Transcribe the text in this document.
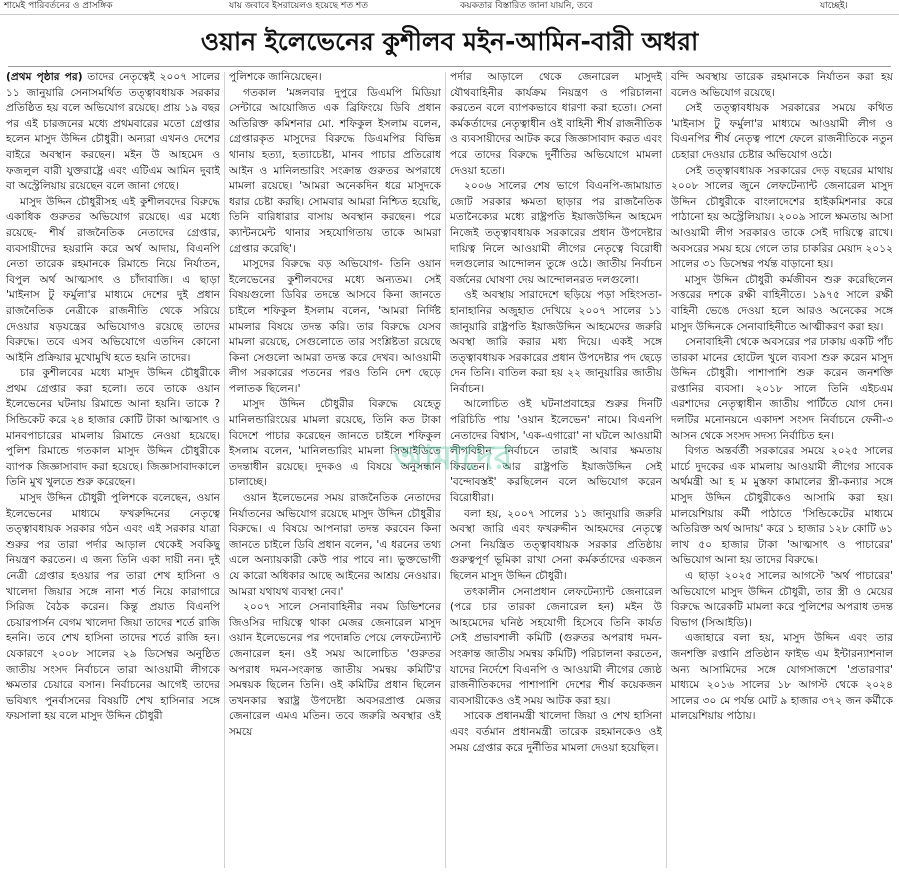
শামেই পারিবর্তনের ও প্রাসঙ্গিক	যায় জবাবে ইসরায়েলও হয়েছে শত শত	কয়কতার বিস্তারিত জানা যায়নি, তবে	যাচ্ছেই।
ওয়ান ইলেভেনের কুশীলব মইন-আমিন-বারী অধরা

(প্রথম পৃষ্ঠার পর) তাদের নেতৃত্বেই ২০০৭ সালের ১১ জানুয়ারি সেনাসমর্থিত তত্ত্বাবধায়ক সরকার প্রতিষ্ঠিত হয় বলে অভিযোগ রয়েছে। প্রায় ১৯ বছর পর এই চারজনের মধ্যে প্রথমবারের মতো গ্রেপ্তার হলেন মাসুদ উদ্দিন চৌধুরী। অন্যরা এখনও দেশের বাইরে অবস্থান করছেন। মইন উ আহমেদ ও ফজলুল বারী যুক্তরাষ্ট্রে এবং এটিএম আমিন দুবাই বা অস্ট্রেলিয়ায় রয়েছেন বলে জানা গেছে।

মাসুদ উদ্দিন চৌধুরীসহ এই কুশীলবদের বিরুদ্ধে একাধিক গুরুতর অভিযোগ রয়েছে। এর মধ্যে রয়েছে- শীর্ষ রাজনৈতিক নেতাদের গ্রেপ্তার, ব্যবসায়ীদের হয়রানি করে অর্থ আদায়, বিএনপি নেতা তারেক রহমানকে রিমান্ডে নিয়ে নির্যাতন, বিপুল অর্থ আত্মসাৎ ও চাঁদাবাজি। এ ছাড়া 'মাইনাস টু ফর্মুলা'র মাধ্যমে দেশের দুই প্রধান রাজনৈতিক নেত্রীকে রাজনীতি থেকে সরিয়ে দেওয়ার ষড়যন্ত্রের অভিযোগও রয়েছে তাদের বিরুদ্ধে। তবে এসব অভিযোগে এতদিন কোনো আইনি প্রক্রিয়ার মুখোমুখি হতে হয়নি তাদের।

চার কুশীলবের মধ্যে মাসুদ উদ্দিন চৌধুরীকে প্রথম গ্রেপ্তার করা হলো। তবে তাকে ওয়ান ইলেভেনের ঘটনায় রিমান্ডে আনা হয়নি। তাকে ?সিন্ডিকেট করে ২৪ হাজার কোটি টাকা আত্মসাৎ ও মানবপাচারের মামলায় রিমান্ডে নেওয়া হয়েছে। পুলিশ রিমান্ডে গতকাল মাসুদ উদ্দিন চৌধুরীকে ব্যাপক জিজ্ঞাসাবাদ করা হয়েছে। জিজ্ঞাসাবাদকালে তিনি মুখ খুলতে শুরু করেছেন।

মাসুদ উদ্দিন চৌধুরী পুলিশকে বলেছেন, ওয়ান ইলেভেনের মাধ্যমে ফখরুদ্দিনের নেতৃত্বে তত্ত্বাবধায়ক সরকার গঠন এবং এই সরকার যাত্রা শুরুর পর তারা পর্দার আড়াল থেকেই সবকিছু নিয়ন্ত্রণ করতেন। এ জন্য তিনি একা দায়ী নন। দুই নেত্রী গ্রেপ্তার হওয়ার পর তারা শেখ হাসিনা ও খালেদা জিয়ার সঙ্গে নানা শর্ত নিয়ে কারাগারে সিরিজ বৈঠক করেন। কিন্তু প্রয়াত বিএনপি চেয়ারপার্সন বেগম খালেদা জিয়া তাদের শর্তে রাজি হননি। তবে শেখ হাসিনা তাদের শর্তে রাজি হন। যেকারণে ২০০৮ সালের ২৯ ডিসেম্বর অনুষ্ঠিত জাতীয় সংসদ নির্বাচনে তারা আওয়ামী লীগকে ক্ষমতার চেয়ারে বসান। নির্বাচনের আগেই তাদের ভবিষ্যৎ পুনর্বাসনের বিষয়টি শেখ হাসিনার সঙ্গে ফয়সালা হয় বলে মাসুদ উদ্দিন চৌধুরী

পুলিশকে জানিয়েছেন।

গতকাল 'মঙ্গলবার দুপুরে ডিএমপি মিডিয়া সেন্টারে আয়োজিত এক ব্রিফিংয়ে ডিবি প্রধান অতিরিক্ত কমিশনার মো. শফিকুল ইসলাম বলেন, গ্রেপ্তারকৃত মাসুদের বিরুদ্ধে ডিএমপির বিভিন্ন থানায় হত্যা, হত্যাচেষ্টা, মানব পাচার প্রতিরোধ আইন ও মানিলন্ডারিং সংক্রান্ত গুরুতর অপরাধে মামলা রয়েছে। 'আমরা অনেকদিন ধরে মাসুদকে ধরার চেষ্টা করছি। সোমবার আমরা নিশ্চিত হয়েছি, তিনি বারিধারার বাসায় অবস্থান করছেন। পরে ক্যান্টনমেন্ট থানার সহযোগিতায় তাকে আমরা গ্রেপ্তার করেছি'।

মাসুদের বিরুদ্ধে বড় অভিযোগ- তিনি ওয়ান ইলেভেনের কুশীলবদের মধ্যে অন্যতম। সেই বিষয়গুলো ডিবির তদন্তে আসবে কিনা জানতে চাইলে শফিকুল ইসলাম বলেন, 'আমরা নির্দিষ্ট মামলার বিষয়ে তদন্ত করি। তার বিরুদ্ধে যেসব মামলা রয়েছে, সেগুলোতে তার সংশ্লিষ্টতা রয়েছে কিনা সেগুলো আমরা তদন্ত করে দেখব। আওয়ামী লীগ সরকারের পতনের পরও তিনি দেশ ছেড়ে পলাতক ছিলেন।'

মাসুদ উদ্দিন চৌধুরীর বিরুদ্ধে যেহেতু মানিলন্ডারিংয়ের মামলা রয়েছে, তিনি কত টাকা বিদেশে পাচার করেছেন জানতে চাইলে শফিকুল ইসলাম বলেন, 'মানিলন্ডারিং মামলা সিআইডিতে তদন্তাধীন রয়েছে। দুদকও এ বিষয়ে অনুসন্ধান চালাচ্ছে।

ওয়ান ইলেভেনের সময় রাজনৈতিক নেতাদের নির্যাতনের অভিযোগ রয়েছে মাসুদ উদ্দিন চৌধুরীর বিরুদ্ধে। এ বিষয়ে আপনারা তদন্ত করবেন কিনা জানতে চাইলে ডিবি প্রধান বলেন, 'এ ধরনের তথ্য এলে অন্যায়কারী কেউ পার পাবে না। ভুক্তভোগী যে কারো অধিকার আছে আইনের আশ্রয় নেওয়ার। আমরা যথাযথ ব্যবস্থা নেব।'

২০০৭ সালে সেনাবাহিনীর নবম ডিভিশনের জিওসির দায়িত্বে থাকা মেজর জেনারেল মাসুদ ওয়ান ইলেভেনের পর পদোন্নতি পেয়ে লেফটেন্যান্ট জেনারেল হন। ওই সময় আলোচিত 'গুরুতর অপরাধ দমন-সংক্রান্ত জাতীয় সমন্বয় কমিটি'র সমন্বয়ক ছিলেন তিনি। ওই কমিটির প্রধান ছিলেন তখনকার স্বরাষ্ট্র উপদেষ্টা অবসরপ্রাপ্ত মেজর জেনারেল এমএ মতিন। তবে জরুরি অবস্থার ওই সময়ে

পর্দার আড়ালে থেকে জেনারেল মাসুদই যৌথবাহিনীর কার্যক্রম নিয়ন্ত্রণ ও পরিচালনা করতেন বলে ব্যাপকভাবে ধারণা করা হতো। সেনা কর্মকর্তাদের নেতৃত্বাধীন ওই বাহিনী শীর্ষ রাজনীতিক ও ব্যবসায়ীদের আটক করে জিজ্ঞাসাবাদ করত এবং পরে তাদের বিরুদ্ধে দুর্নীতির অভিযোগে মামলা দেওয়া হতো।

২০০৬ সালের শেষ ভাগে বিএনপি-জামায়াত জোট সরকার ক্ষমতা ছাড়ার পর রাজনৈতিক মতানৈক্যের মধ্যে রাষ্ট্রপতি ইয়াজউদ্দিন আহমেদ নিজেই তত্ত্বাবধায়ক সরকারের প্রধান উপদেষ্টার দায়িত্ব নিলে আওয়ামী লীগের নেতৃত্বে বিরোধী দলগুলোর আন্দোলন তুঙ্গে ওঠে। জাতীয় নির্বাচন বর্জনের ঘোষণা দেয় আন্দোলনরত দলগুলো।

ওই অবস্থায় সারাদেশে ছড়িয়ে পড়া সহিংসতা-হানাহানির অজুহাত দেখিয়ে ২০০৭ সালের ১১ জানুয়ারি রাষ্ট্রপতি ইয়াজউদ্দিন আহমেদের জরুরি অবস্থা জারি করার মধ্য দিয়ে। একই সঙ্গে তত্ত্বাবধায়ক সরকারের প্রধান উপদেষ্টার পদ ছেড়ে দেন তিনি। বাতিল করা হয় ২২ জানুয়ারির জাতীয় নির্বাচন।

আলোচিত ওই ঘটনাপ্রবাহের শুরুর দিনটি পরিচিতি পায় 'ওয়ান ইলেভেন' নামে। বিএনপি নেতাদের বিশ্বাস, 'এক-এগারো' না ঘটলে আওয়ামী লীগবিহীন নির্বাচনে তারাই আবার ক্ষমতায় ফিরতেন। আর রাষ্ট্রপতি ইয়াজউদ্দিন সেই 'বন্দোবস্তই' করছিলেন বলে অভিযোগ করেন বিরোধীরা।

বলা হয়, ২০০৭ সালের ১১ জানুয়ারি জরুরি অবস্থা জারি এবং ফখরুদ্দীন আহমদের নেতৃত্বে সেনা নিয়ন্ত্রিত তত্ত্বাবধায়ক সরকার প্রতিষ্ঠায় গুরুত্বপূর্ণ ভূমিকা রাখা সেনা কর্মকর্তাদের একজন ছিলেন মাসুদ উদ্দিন চৌধুরী।

তৎকালীন সেনাপ্রধান লেফটেন্যান্ট জেনারেল (পরে চার তারকা জেনারেল হন) মইন উ আহমেদের ঘনিষ্ঠ সহযোগী হিসেবে তিনি কার্যত সেই প্রভাবশালী কমিটি (গুরুতর অপরাধ দমন-সংক্রান্ত জাতীয় সমন্বয় কমিটি) পরিচালনা করতেন, যাদের নির্দেশে বিএনপি ও আওয়ামী লীগের জ্যেষ্ঠ রাজনীতিকদের পাশাপাশি দেশের শীর্ষ কয়েকজন ব্যবসায়ীকেও ওই সময় আটক করা হয়।

সাবেক প্রধানমন্ত্রী খালেদা জিয়া ও শেখ হাসিনা এবং বর্তমান প্রধানমন্ত্রী তারেক রহমানকেও ওই সময় গ্রেপ্তার করে দুর্নীতির মামলা দেওয়া হয়েছিল।

বন্দি অবস্থায় তারেক রহমানকে নির্যাতন করা হয় বলেও অভিযোগ রয়েছে।

সেই তত্ত্বাবধায়ক সরকারের সময়ে কথিত 'মাইনাস টু ফর্মুলা'র মাধ্যমে আওয়ামী লীগ ও বিএনপির শীর্ষ নেতৃত্ব পাশে ফেলে রাজনীতিকে নতুন চেহারা দেওয়ার চেষ্টার অভিযোগ ওঠে।

সেই তত্ত্বাবধায়ক সরকারের দেড় বছরের মাথায় ২০০৮ সালের জুনে লেফটেন্যান্ট জেনারেল মাসুদ উদ্দিন চৌধুরীকে বাংলাদেশের হাইকমিশনার করে পাঠানো হয় অস্ট্রেলিয়ায়। ২০০৯ সালে ক্ষমতায় আসা আওয়ামী লীগ সরকারও তাকে সেই দায়িত্বে রাখে। অবসরের সময় হয়ে গেলে তার চাকরির মেয়াদ ২০১২ সালের ৩১ ডিসেম্বর পর্যন্ত বাড়ানো হয়।

মাসুদ উদ্দিন চৌধুরী কর্মজীবন শুরু করেছিলেন সত্তরের দশকে রক্ষী বাহিনীতে। ১৯৭৫ সালে রক্ষী বাহিনী ভেঙে দেওয়া হলে আরও অনেকের সঙ্গে মাসুদ উদ্দিনকে সেনাবাহিনীতে আত্মীকরণ করা হয়।

সেনাবাহিনী থেকে অবসরের পর ঢাকায় একটি পাঁচ তারকা মানের হোটেল খুলে ব্যবসা শুরু করেন মাসুদ উদ্দিন চৌধুরী। পাশাপাশি শুরু করেন জনশক্তি রপ্তানির ব্যবসা। ২০১৮ সালে তিনি এইচএম এরশাদের নেতৃত্বাধীন জাতীয় পার্টিতে যোগ দেন। দলটির মনোনয়নে একাদশ সংসদ নির্বাচনে ফেনী-৩ আসন থেকে সংসদ সদস্য নির্বাচিত হন।

বিগত অন্তর্বর্তী সরকারের সময়ে ২০২৫ সালের মার্চে দুদকের এক মামলায় আওয়ামী লীগের সাবেক অর্থমন্ত্রী আ হ ম মুস্তফা কামালের স্ত্রী-কন্যার সঙ্গে মাসুদ উদ্দিন চৌধুরীকেও আসামি করা হয়। মালয়েশিয়ায় কর্মী পাঠাতে 'সিন্ডিকেটের মাধ্যমে অতিরিক্ত অর্থ আদায়' করে ১ হাজার ১২৮ কোটি ৬১ লাখ ৫০ হাজার টাকা 'আত্মসাৎ ও পাচারের' অভিযোগ আনা হয় তাদের বিরুদ্ধে।

এ ছাড়া ২০২৫ সালের আগস্টে 'অর্থ পাচারের' অভিযোগে মাসুদ উদ্দিন চৌধুরী, তার স্ত্রী ও মেয়ের বিরুদ্ধে আরেকটি মামলা করে পুলিশের অপরাধ তদন্ত বিভাগ (সিআইডি)।

এজাহারে বলা হয়, মাসুদ উদ্দিন এবং তার জনশক্তি রপ্তানি প্রতিষ্ঠান ফাইভ এম ইন্টারন্যাশনাল অন্য আসামিদের সঙ্গে যোগসাজশে 'প্রতারণার' মাধ্যমে ২০১৬ সালের ১৮ আগস্ট থেকে ২০২৪ সালের ৩০ মে পর্যন্ত মোট ৯ হাজার ৩৭২ জন কর্মীকে মালয়েশিয়ায় পাঠায়।

আমাদের
